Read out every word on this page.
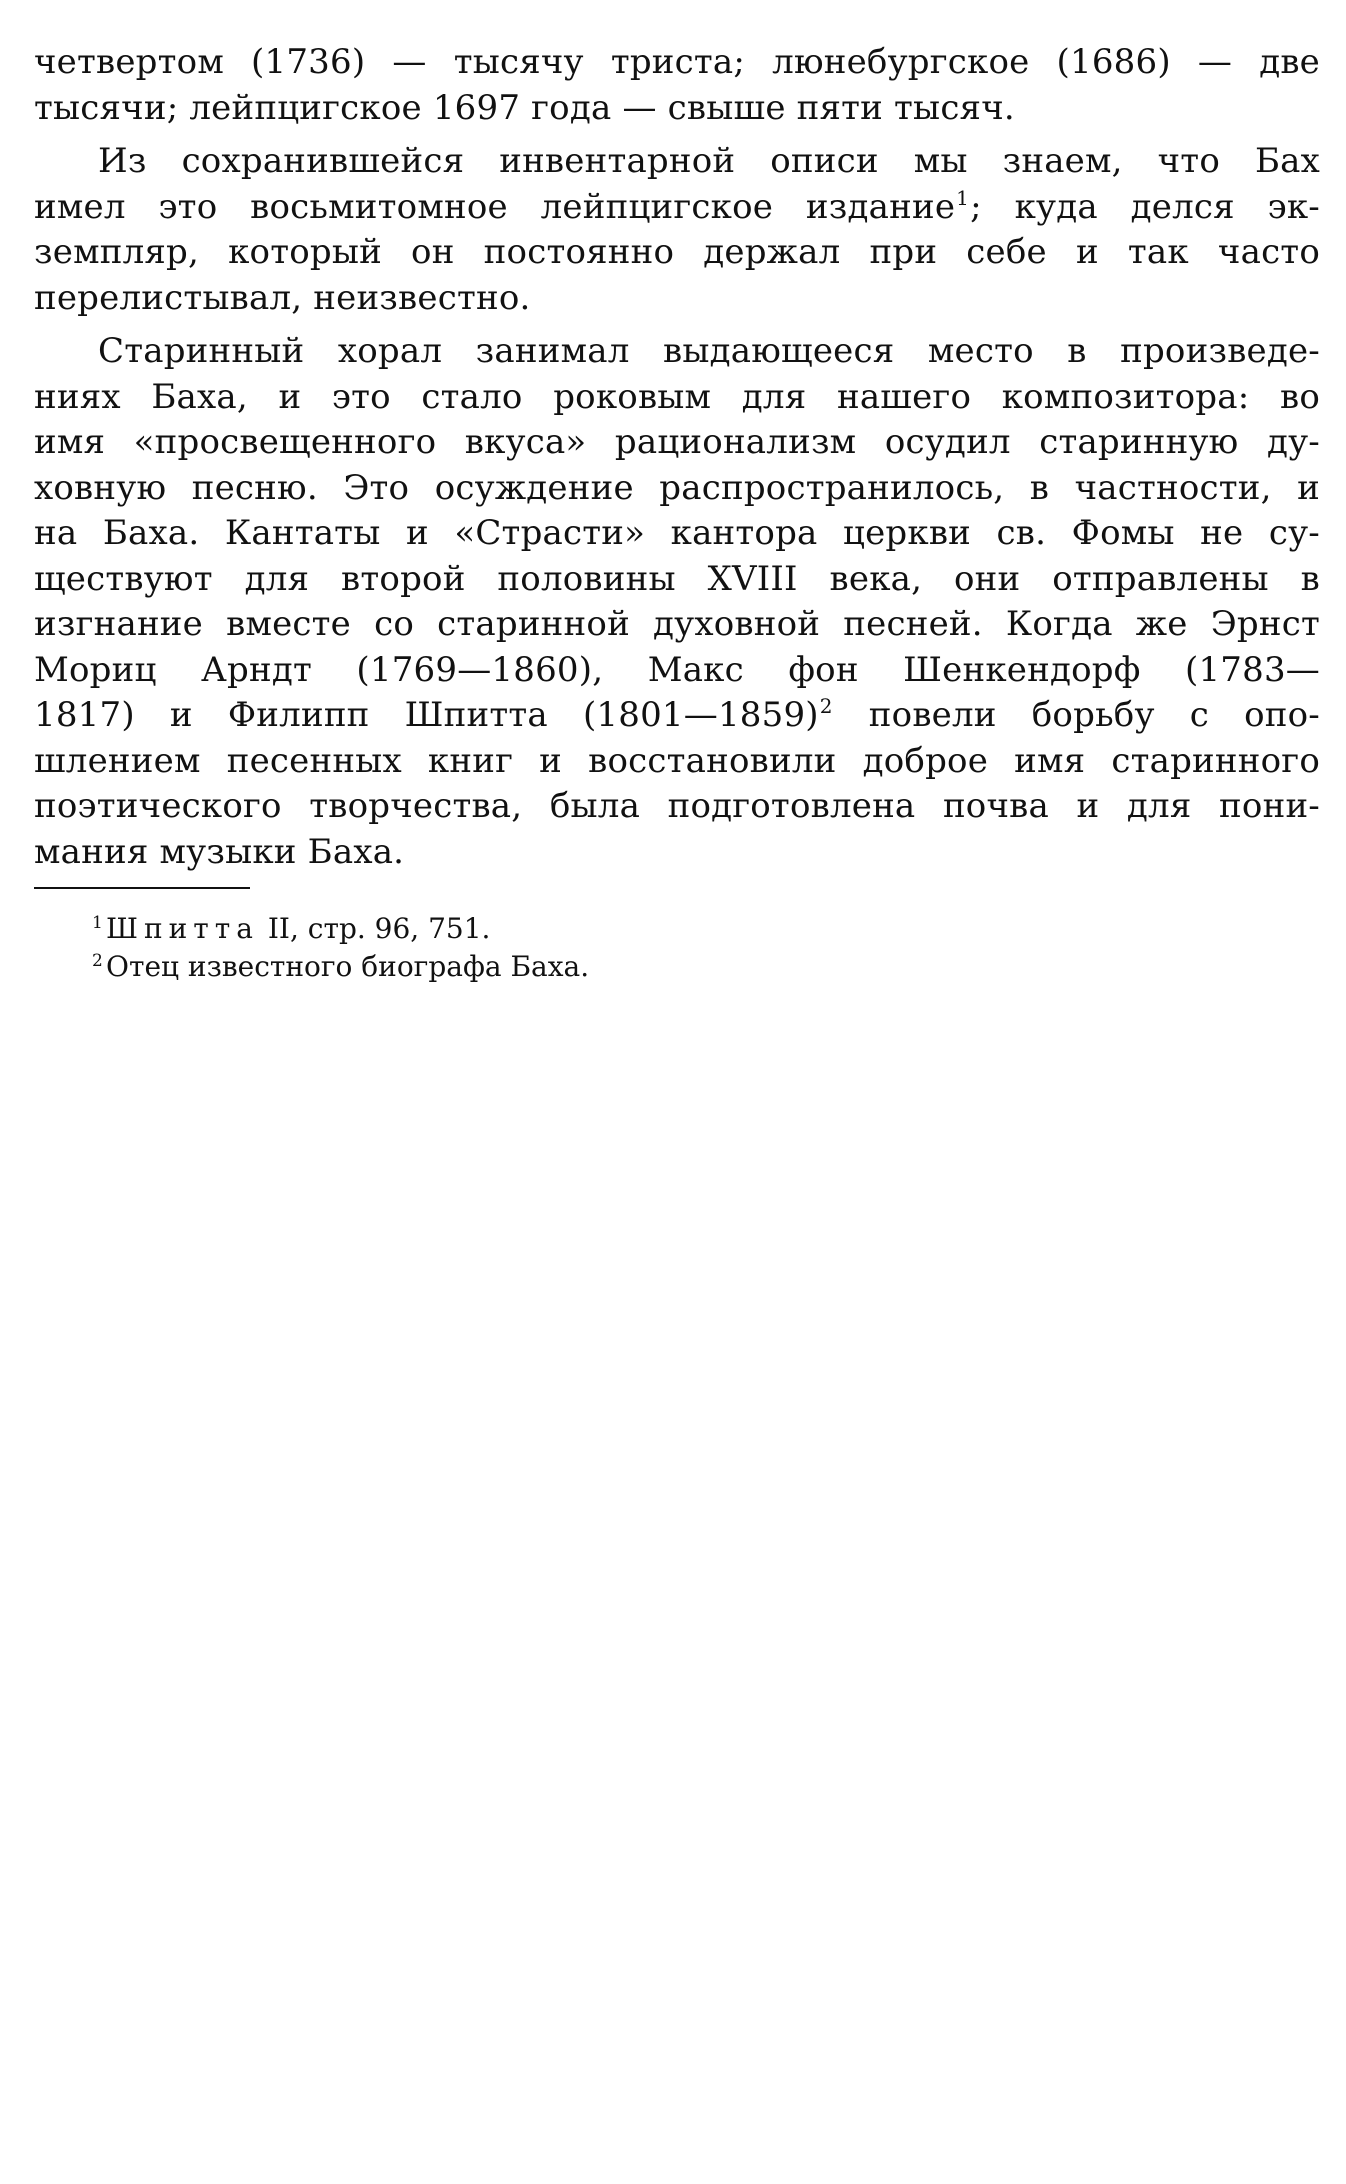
четвертом (1736) — тысячу триста; люнебургское (1686) — две
тысячи; лейпцигское 1697 года — свыше пяти тысяч.
Из сохранившейся инвентарной описи мы знаем, что Бах
имел это восьмитомное лейпцигское издание$^1$; куда делся эк-
земпляр, который он постоянно держал при себе и так часто
перелистывал, неизвестно.
Старинный хорал занимал выдающееся место в произведе-
ниях Баха, и это стало роковым для нашего композитора: во
имя «просвещенного вкуса» рационализм осудил старинную ду-
ховную песню. Это осуждение распространилось, в частности, и
на Баха. Кантаты и «Страсти» кантора церкви св. Фомы не су-
ществуют для второй половины XVIII века, они отправлены в
изгнание вместе со старинной духовной песней. Когда же Эрнст
Мориц Арндт (1769—1860), Макс фон Шенкендорф (1783—
1817) и Филипп Шпитта (1801—1859)$^2$ повели борьбу с опо-
шлением песенных книг и восстановили доброе имя старинного
поэтического творчества, была подготовлена почва и для пони-
мания музыки Баха.
1 Шпитта II, стр. 96, 751.
2 Отец известного биографа Баха.
